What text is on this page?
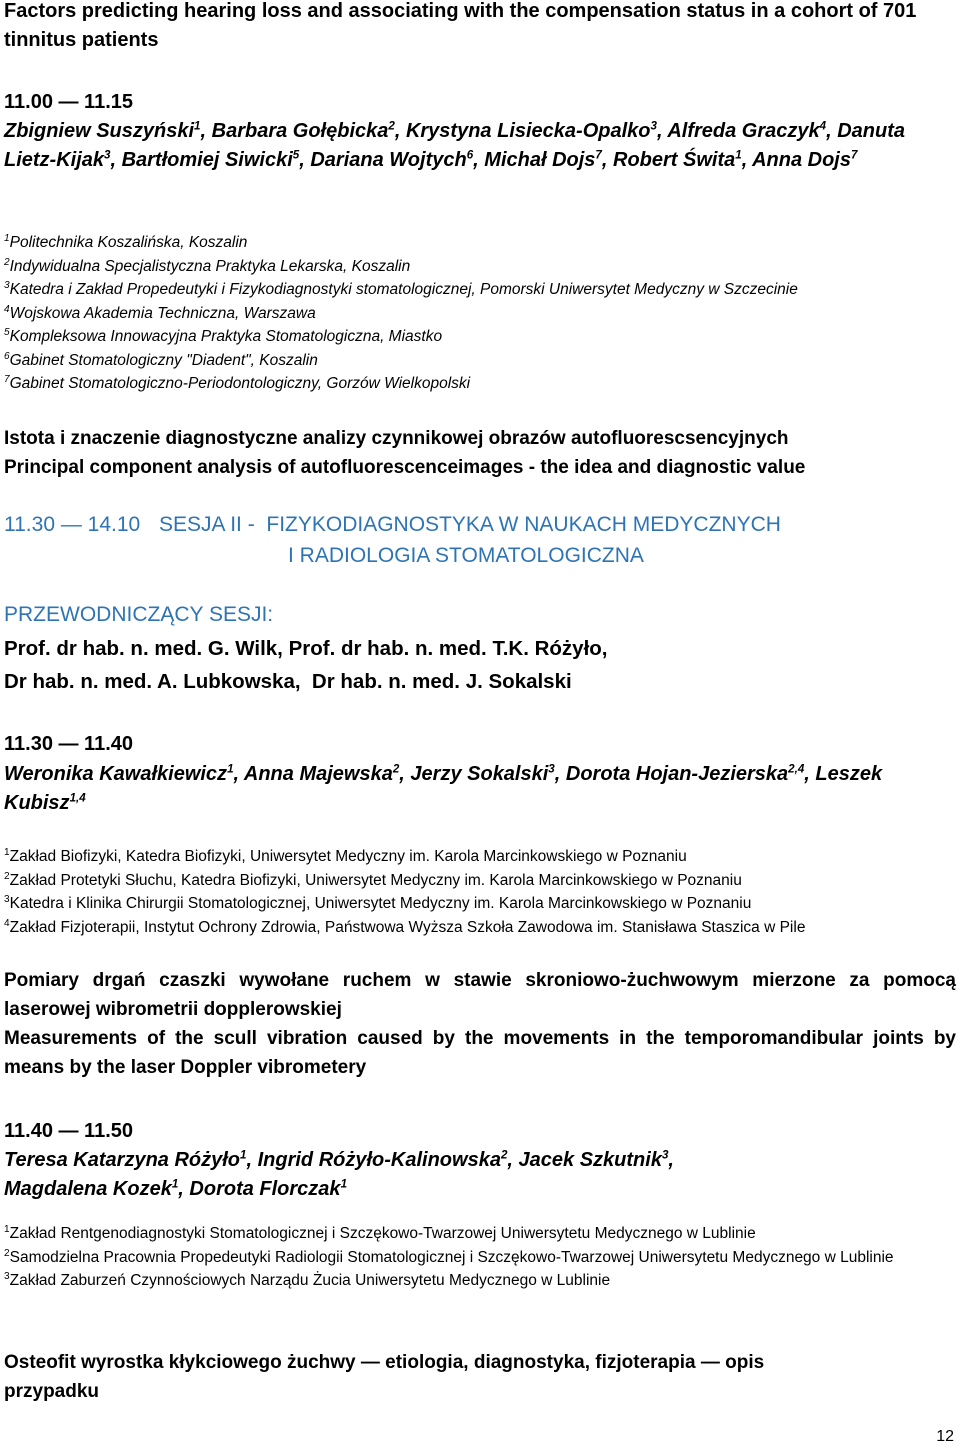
Factors predicting hearing loss and associating with the compensation status in a cohort of 701 tinnitus patients
11.00 — 11.15
Zbigniew Suszyński$^1$, Barbara Gołębicka$^2$, Krystyna Lisiecka-Opalko$^3$, Alfreda Graczyk$^4$, Danuta Lietz-Kijak$^3$, Bartłomiej Siwicki$^5$, Dariana Wojtych$^6$, Michał Dojs$^7$, Robert Świta$^1$, Anna Dojs$^7$
$^1$Politechnika Koszalińska, Koszalin
$^2$Indywidualna Specjalistyczna Praktyka Lekarska, Koszalin
$^3$Katedra i Zakład Propedeutyki i Fizykodiagnostyki stomatologicznej, Pomorski Uniwersytet Medyczny w Szczecinie
$^4$Wojskowa Akademia Techniczna, Warszawa
$^5$Kompleksowa Innowacyjna Praktyka Stomatologiczna, Miastko
$^6$Gabinet Stomatologiczny "Diadent", Koszalin
$^7$Gabinet Stomatologiczno-Periodontologiczny, Gorzów Wielkopolski
Istota i znaczenie diagnostyczne analizy czynnikowej obrazów autofluorescsencyjnych
Principal component analysis of autofluorescenceimages - the idea and diagnostic value
11.30 — 14.10 SESJA II -  FIZYKODIAGNOSTYKA W NAUKACH MEDYCZNYCH
I RADIOLOGIA STOMATOLOGICZNA
PRZEWODNICZĄCY SESJI:
Prof. dr hab. n. med. G. Wilk, Prof. dr hab. n. med. T.K. Różyło,
Dr hab. n. med. A. Lubkowska,  Dr hab. n. med. J. Sokalski
11.30 — 11.40
Weronika Kawałkiewicz$^1$, Anna Majewska$^2$, Jerzy Sokalski$^3$, Dorota Hojan-Jezierska$^{2,4}$, Leszek Kubisz$^{1,4}$
$^1$Zakład Biofizyki, Katedra Biofizyki, Uniwersytet Medyczny im. Karola Marcinkowskiego w Poznaniu
$^2$Zakład Protetyki Słuchu, Katedra Biofizyki, Uniwersytet Medyczny im. Karola Marcinkowskiego w Poznaniu
$^3$Katedra i Klinika Chirurgii Stomatologicznej, Uniwersytet Medyczny im. Karola Marcinkowskiego w Poznaniu
$^4$Zakład Fizjoterapii, Instytut Ochrony Zdrowia, Państwowa Wyższa Szkoła Zawodowa im. Stanisława Staszica w Pile
Pomiary drgań czaszki wywołane ruchem w stawie skroniowo-żuchwowym mierzone za pomocą laserowej wibrometrii dopplerowskiej
Measurements of the scull vibration caused by the movements in the temporomandibular joints by means by the laser Doppler vibrometery
11.40 — 11.50
Teresa Katarzyna Różyło$^1$, Ingrid Różyło-Kalinowska$^2$, Jacek Szkutnik$^3$, Magdalena Kozek$^1$, Dorota Florczak$^1$
$^1$Zakład Rentgenodiagnostyki Stomatologicznej i Szczękowo-Twarzowej Uniwersytetu Medycznego w Lublinie
$^2$Samodzielna Pracownia Propedeutyki Radiologii Stomatologicznej i Szczękowo-Twarzowej Uniwersytetu Medycznego w Lublinie
$^3$Zakład Zaburzeń Czynnościowych Narządu Żucia Uniwersytetu Medycznego w Lublinie
Osteofit wyrostka kłykciowego żuchwy — etiologia, diagnostyka, fizjoterapia — opis przypadku
12
